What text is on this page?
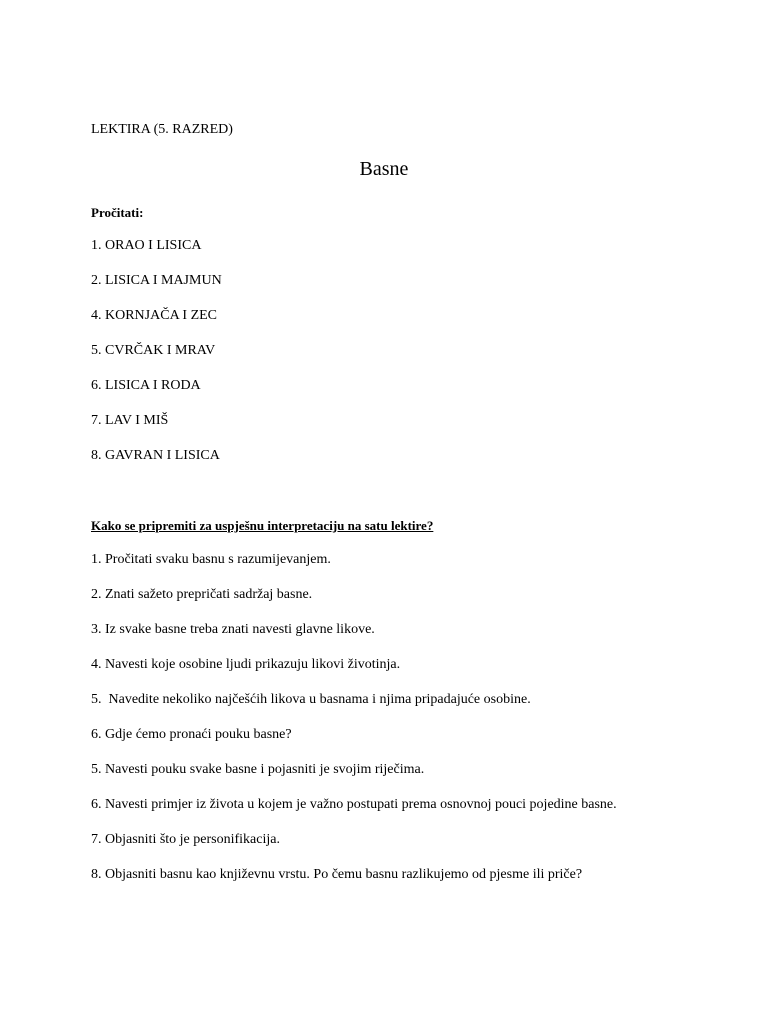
LEKTIRA (5. RAZRED)
Basne
Pročitati:
1. ORAO I LISICA
2. LISICA I MAJMUN
4. KORNJAČA I ZEC
5. CVRČAK I MRAV
6. LISICA I RODA
7. LAV I MIŠ
8. GAVRAN I LISICA
Kako se pripremiti za uspješnu interpretaciju na satu lektire?
1. Pročitati svaku basnu s razumijevanjem.
2. Znati sažeto prepričati sadržaj basne.
3. Iz svake basne treba znati navesti glavne likove.
4. Navesti koje osobine ljudi prikazuju likovi životinja.
5.  Navedite nekoliko najčešćih likova u basnama i njima pripadajuće osobine.
6. Gdje ćemo pronaći pouku basne?
5. Navesti pouku svake basne i pojasniti je svojim riječima.
6. Navesti primjer iz života u kojem je važno postupati prema osnovnoj pouci pojedine basne.
7. Objasniti što je personifikacija.
8. Objasniti basnu kao književnu vrstu. Po čemu basnu razlikujemo od pjesme ili priče?
